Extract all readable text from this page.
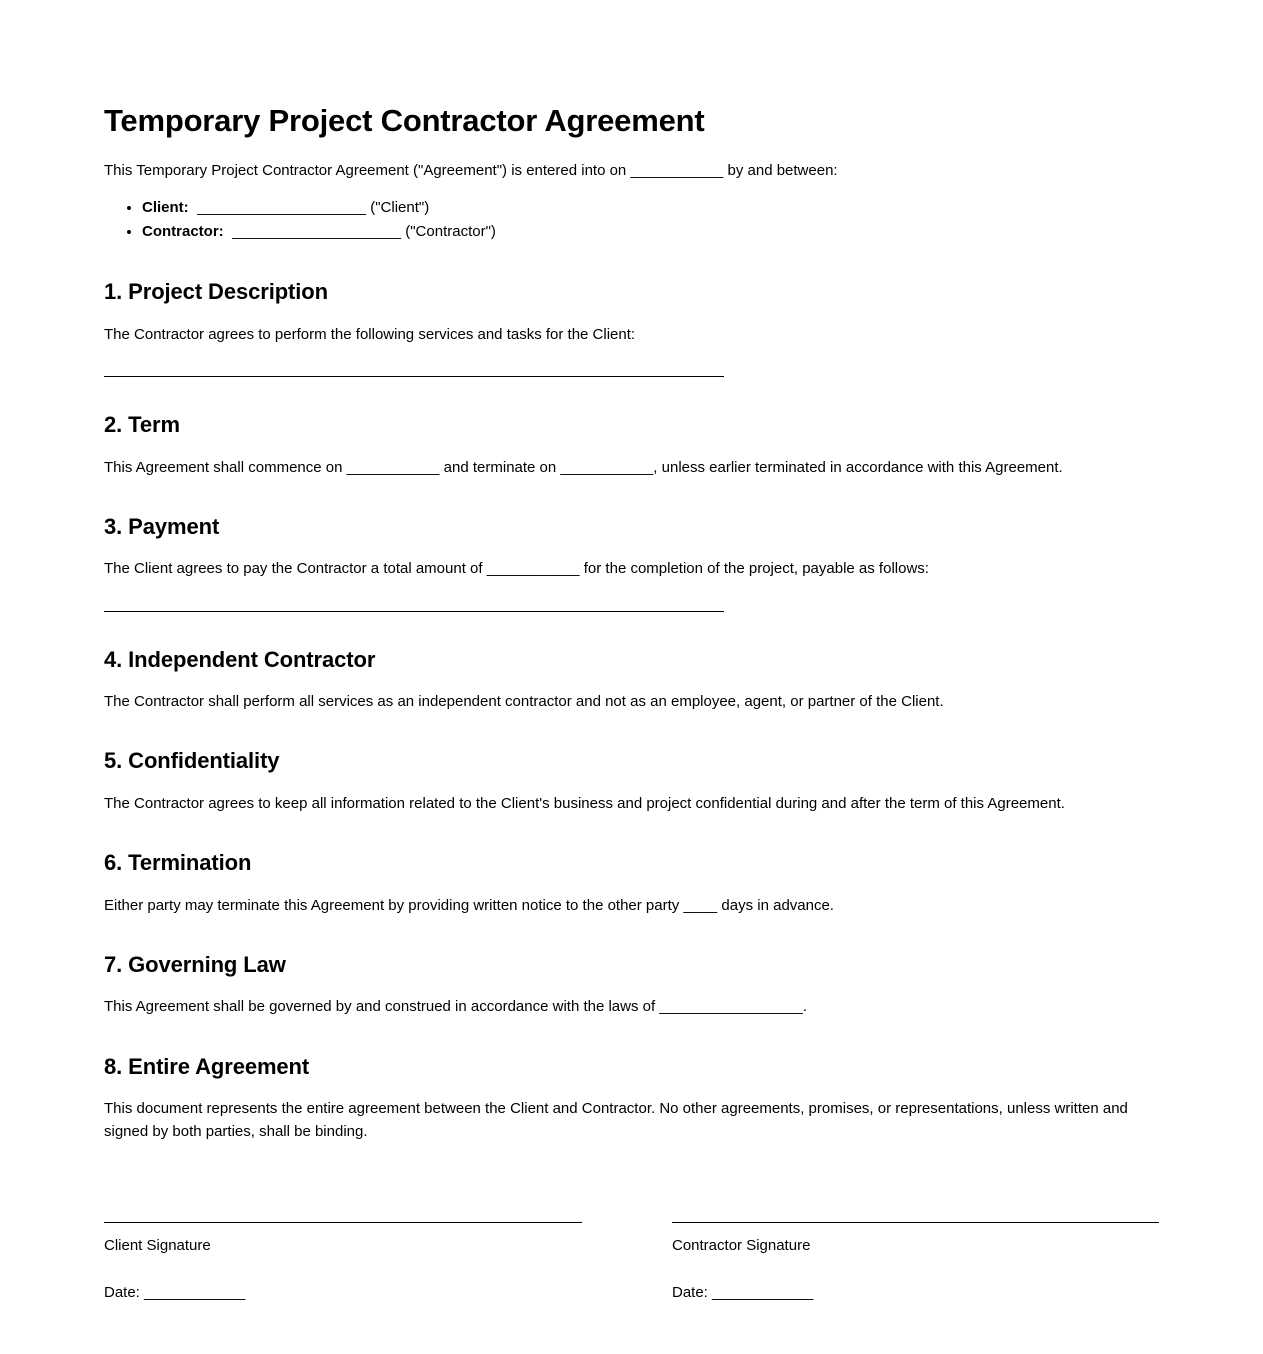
Temporary Project Contractor Agreement

This Temporary Project Contractor Agreement ("Agreement") is entered into on ___________ by and between:

• Client:  ____________________ ("Client")
• Contractor:  ____________________ ("Contractor")
1. Project Description

The Contractor agrees to perform the following services and tasks for the Client:

2. Term

This Agreement shall commence on ___________ and terminate on ___________, unless earlier terminated in accordance with this Agreement.

3. Payment

The Client agrees to pay the Contractor a total amount of ___________ for the completion of the project, payable as follows:

4. Independent Contractor

The Contractor shall perform all services as an independent contractor and not as an employee, agent, or partner of the Client.

5. Confidentiality

The Contractor agrees to keep all information related to the Client's business and project confidential during and after the term of this Agreement.

6. Termination

Either party may terminate this Agreement by providing written notice to the other party ____ days in advance.

7. Governing Law

This Agreement shall be governed by and construed in accordance with the laws of _________________.

8. Entire Agreement

This document represents the entire agreement between the Client and Contractor. No other agreements, promises, or representations, unless written and signed by both parties, shall be binding.

Client Signature

Date: ____________

Contractor Signature

Date: ____________
